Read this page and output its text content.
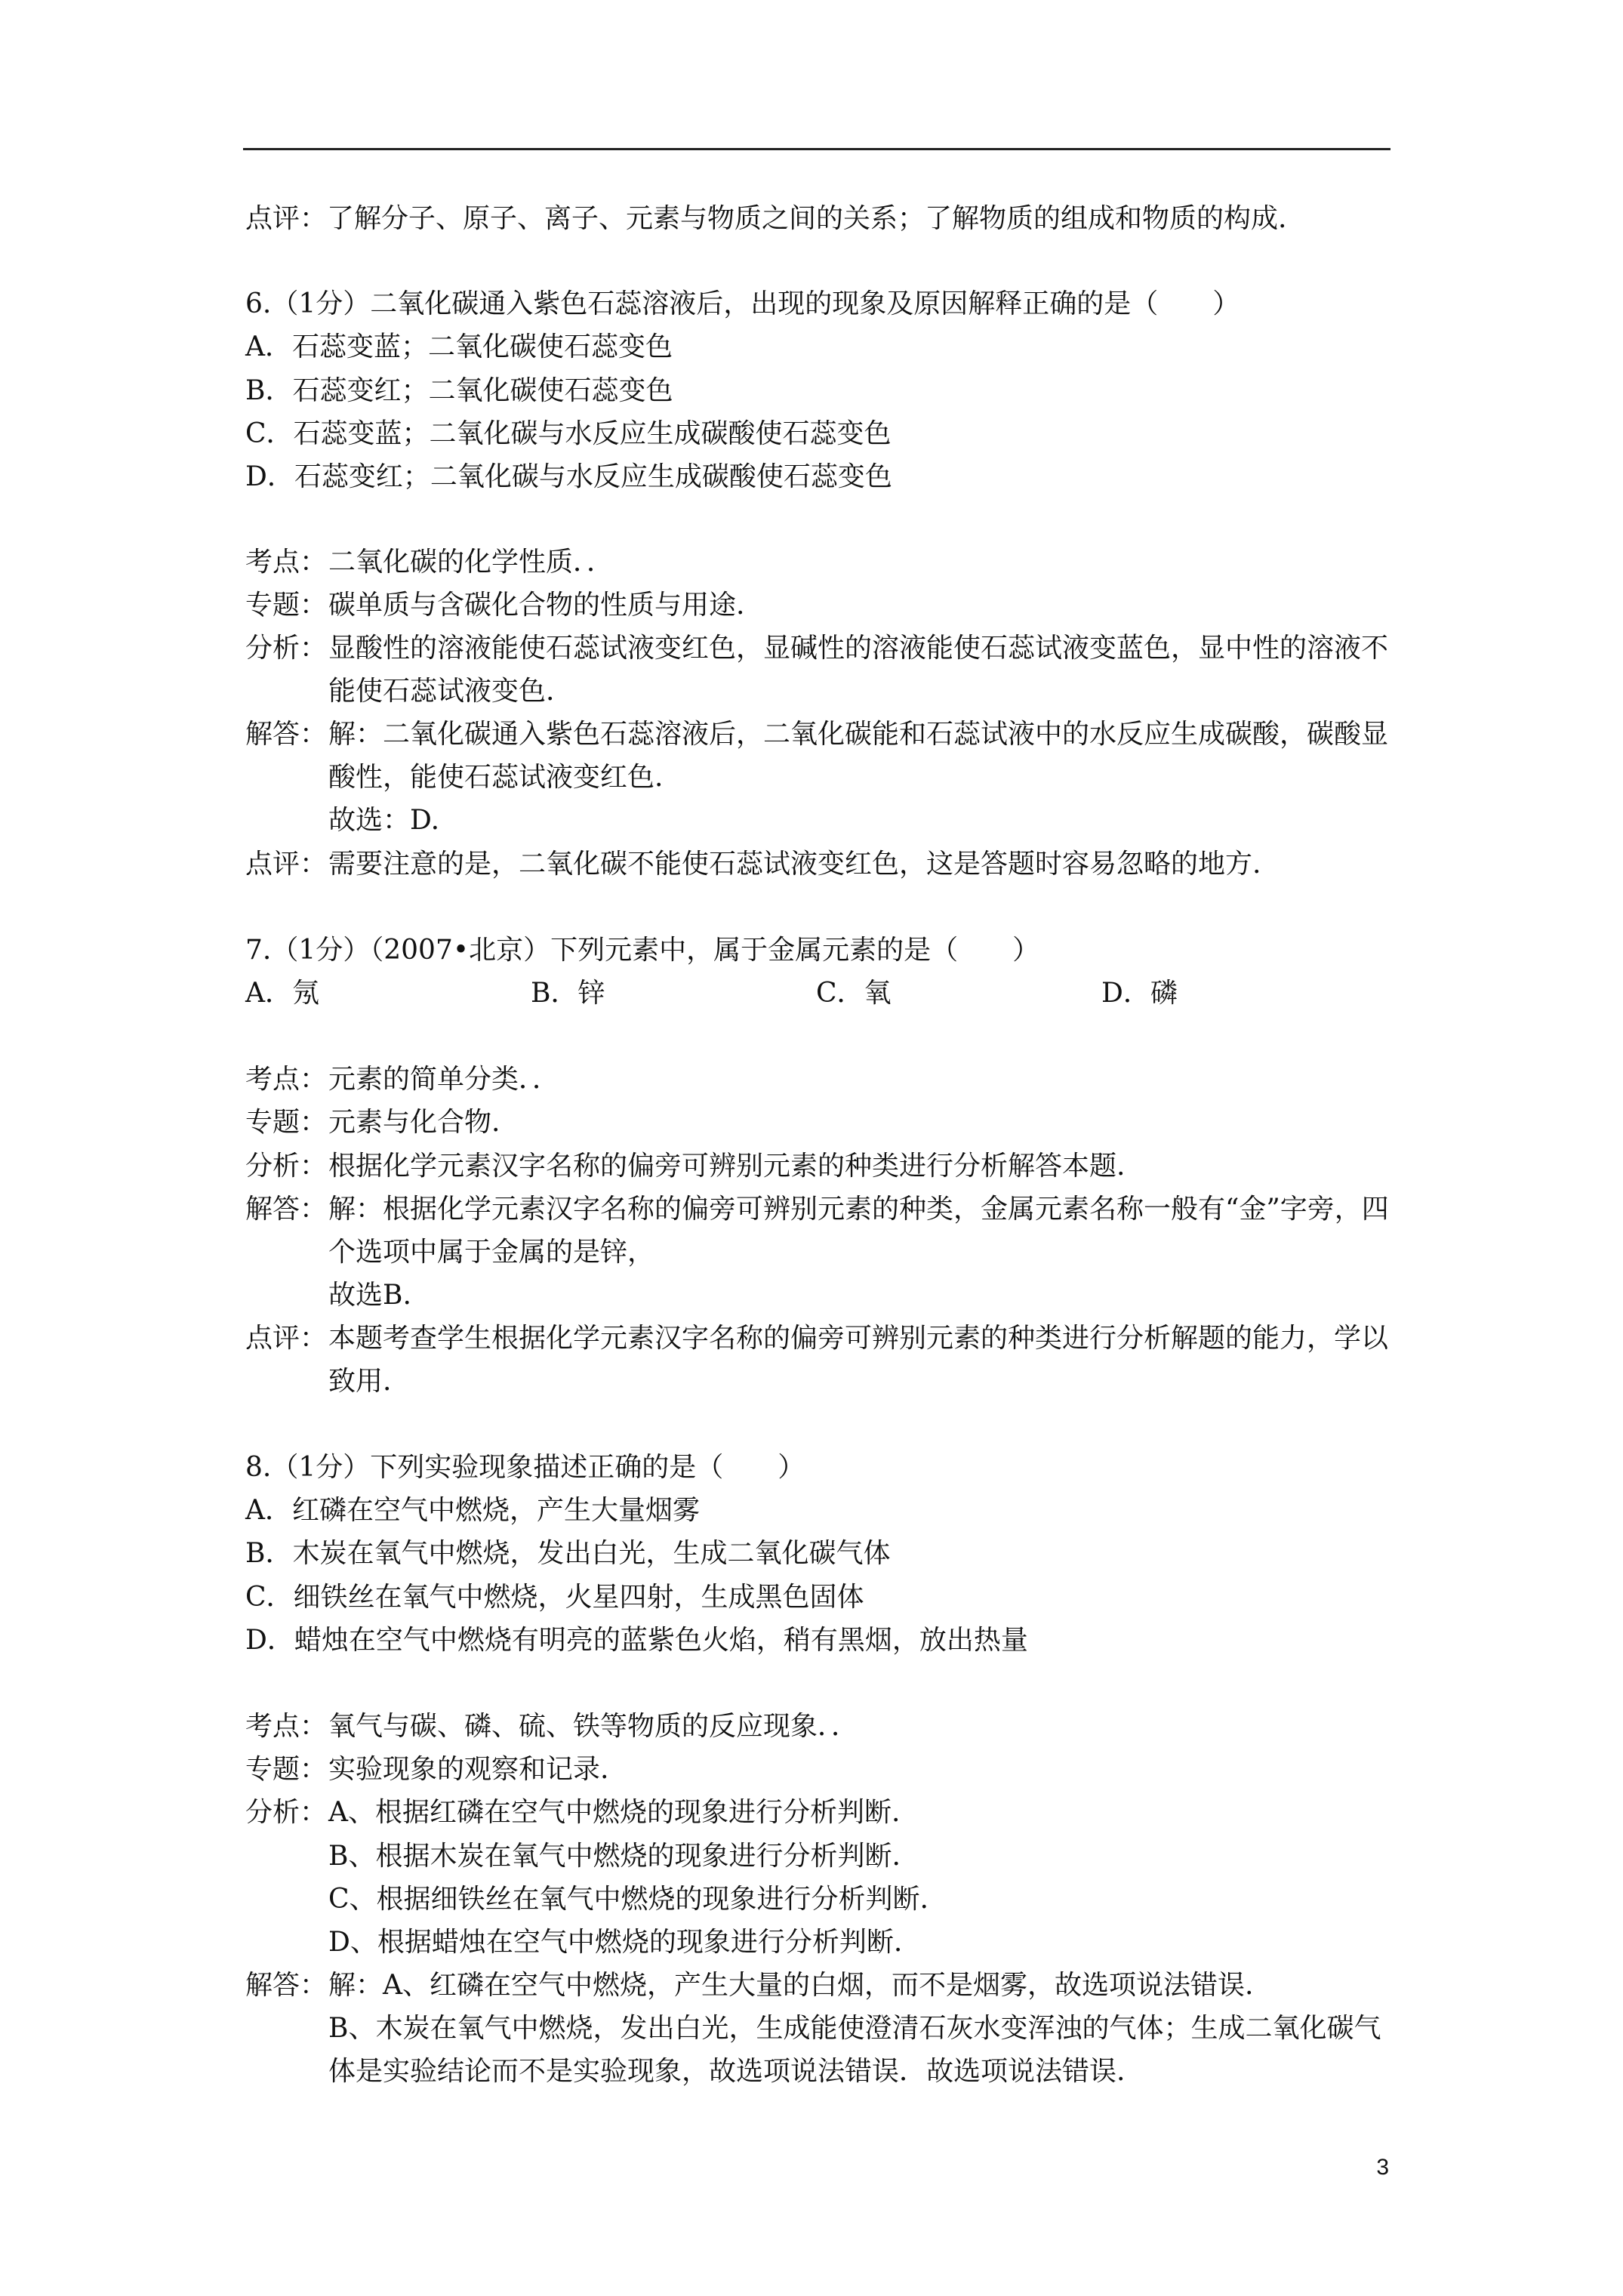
点评：了解分子、原子、离子、元素与物质之间的关系；了解物质的组成和物质的构成.
6.（1分）二氧化碳通入紫色石蕊溶液后，出现的现象及原因解释正确的是（　　）
A．石蕊变蓝；二氧化碳使石蕊变色
B．石蕊变红；二氧化碳使石蕊变色
C．石蕊变蓝；二氧化碳与水反应生成碳酸使石蕊变色
D．石蕊变红；二氧化碳与水反应生成碳酸使石蕊变色
考点： 二氧化碳的化学性质．．
专题： 碳单质与含碳化合物的性质与用途.
分析： 显酸性的溶液能使石蕊试液变红色，显碱性的溶液能使石蕊试液变蓝色，显中性的溶液不能使石蕊试液变色.
解答： 解：二氧化碳通入紫色石蕊溶液后，二氧化碳能和石蕊试液中的水反应生成碳酸，碳酸显酸性，能使石蕊试液变红色.
故选：D.
点评： 需要注意的是，二氧化碳不能使石蕊试液变红色，这是答题时容易忽略的地方.
7.（1分）（2007•北京）下列元素中，属于金属元素的是（　　）
A．氖	B．锌	C．氧	D．磷
考点： 元素的简单分类．．
专题： 元素与化合物.
分析： 根据化学元素汉字名称的偏旁可辨别元素的种类进行分析解答本题.
解答： 解：根据化学元素汉字名称的偏旁可辨别元素的种类，金属元素名称一般有“金”字旁，四个选项中属于金属的是锌，
故选B.
点评： 本题考查学生根据化学元素汉字名称的偏旁可辨别元素的种类进行分析解题的能力，学以致用.
8.（1分）下列实验现象描述正确的是（　　）
A．红磷在空气中燃烧，产生大量烟雾
B．木炭在氧气中燃烧，发出白光，生成二氧化碳气体
C．细铁丝在氧气中燃烧，火星四射，生成黑色固体
D．蜡烛在空气中燃烧有明亮的蓝紫色火焰，稍有黑烟，放出热量
考点： 氧气与碳、磷、硫、铁等物质的反应现象．．
专题： 实验现象的观察和记录.
分析： A、根据红磷在空气中燃烧的现象进行分析判断.
B、根据木炭在氧气中燃烧的现象进行分析判断.
C、根据细铁丝在氧气中燃烧的现象进行分析判断.
D、根据蜡烛在空气中燃烧的现象进行分析判断.
解答： 解：A、红磷在空气中燃烧，产生大量的白烟，而不是烟雾，故选项说法错误.
B、木炭在氧气中燃烧，发出白光，生成能使澄清石灰水变浑浊的气体；生成二氧化碳气体是实验结论而不是实验现象，故选项说法错误．故选项说法错误.
3
